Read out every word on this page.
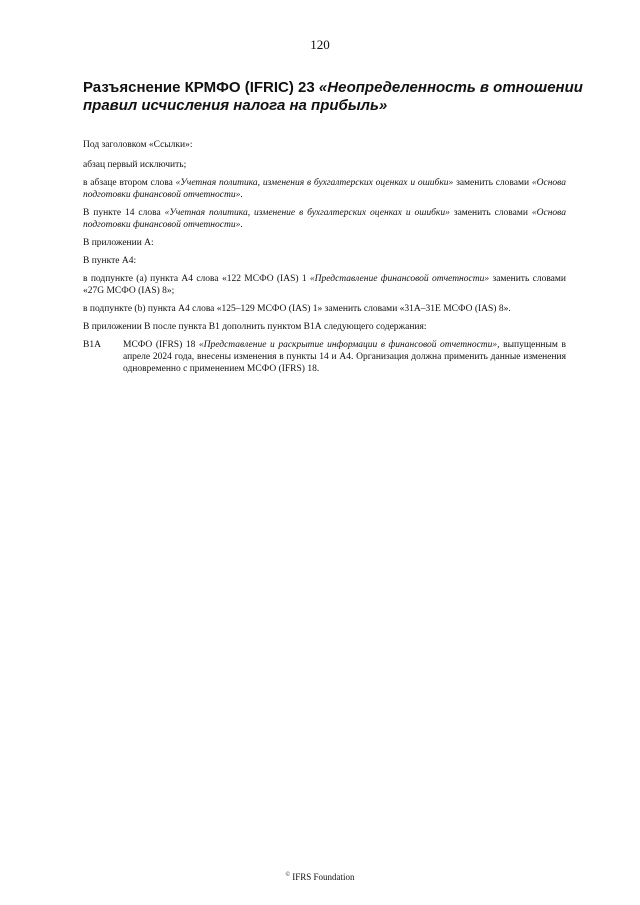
120
Разъяснение КРМФО (IFRIC) 23 «Неопределенность в отношении правил исчисления налога на прибыль»

Под заголовком «Ссылки»:

абзац первый исключить;

в абзаце втором слова «Учетная политика, изменения в бухгалтерских оценках и ошибки» заменить словами «Основа подготовки финансовой отчетности».

В пункте 14 слова «Учетная политика, изменение в бухгалтерских оценках и ошибки» заменить словами «Основа подготовки финансовой отчетности».

В приложении А:

В пункте А4:

в подпункте (а) пункта А4 слова «122 МСФО (IAS) 1 «Представление финансовой отчетности» заменить словами «27G МСФО (IAS) 8»;

в подпункте (b) пункта А4 слова «125–129 МСФО (IAS) 1» заменить словами «31А–31Е МСФО (IAS) 8».

В приложении В после пункта В1 дополнить пунктом В1А следующего содержания:

В1А	МСФО (IFRS) 18 «Представление и раскрытие информации в финансовой отчетности», выпущенным в апреле 2024 года, внесены изменения в пункты 14 и А4. Организация должна применить данные изменения одновременно с применением МСФО (IFRS) 18.
© IFRS Foundation
